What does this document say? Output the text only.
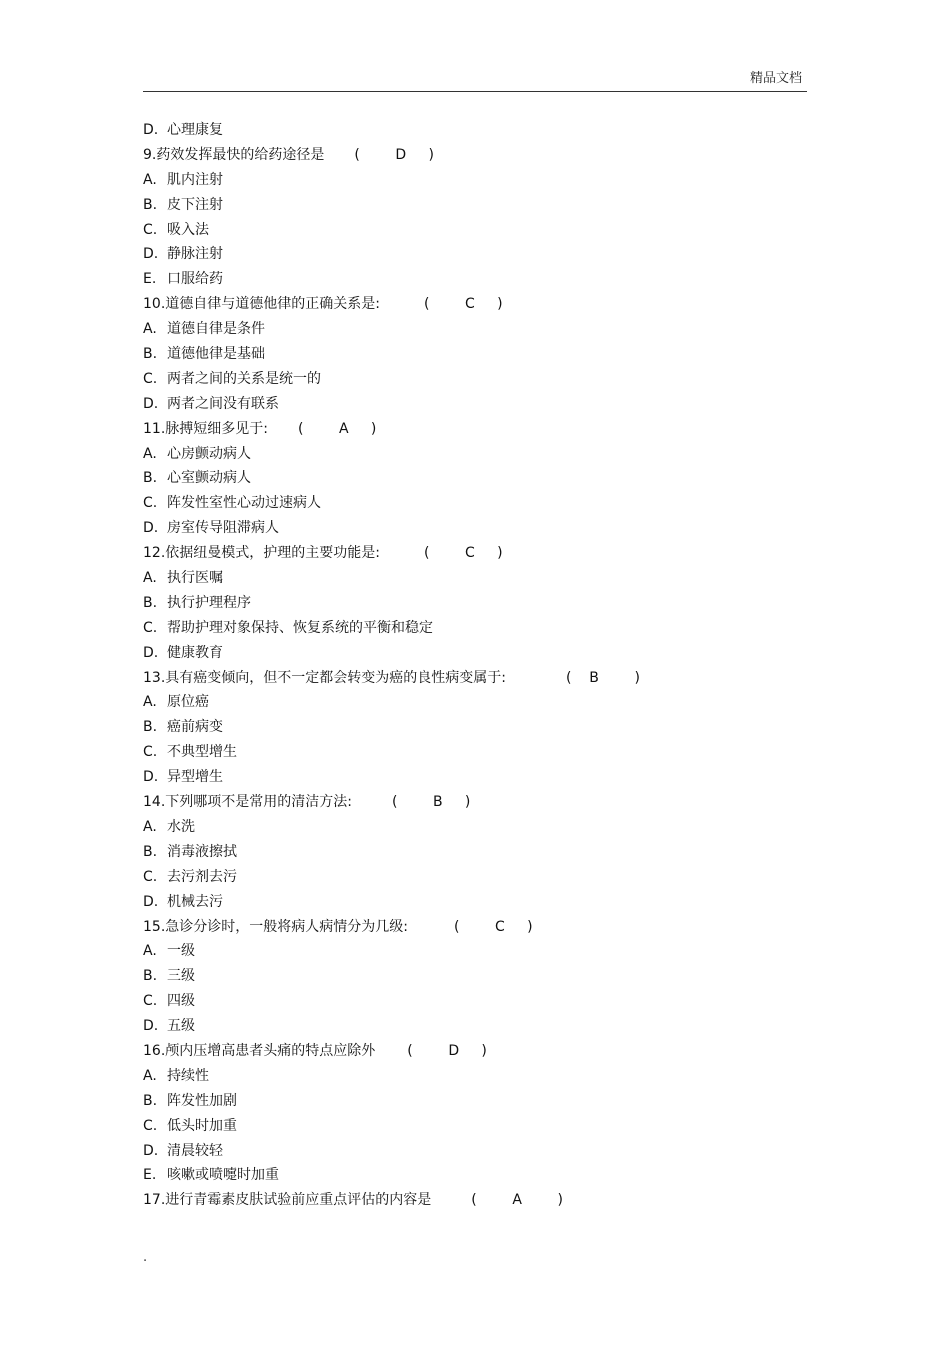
精品文档
D. 心理康复
9.药效发挥最快的给药途径是 (        D     )
A. 肌内注射
B. 皮下注射
C. 吸入法
D. 静脉注射
E. 口服给药
10.道德自律与道德他律的正确关系是:	(        C     )
A. 道德自律是条件
B. 道德他律是基础
C. 两者之间的关系是统一的
D. 两者之间没有联系
11.脉搏短细多见于: (        A     )
A. 心房颤动病人
B. 心室颤动病人
C. 阵发性室性心动过速病人
D. 房室传导阻滞病人
12.依据纽曼模式，护理的主要功能是:	(        C     )
A. 执行医嘱
B. 执行护理程序
C. 帮助护理对象保持、恢复系统的平衡和稳定
D. 健康教育
13.具有癌变倾向，但不一定都会转变为癌的良性病变属于:	(    B        )
A. 原位癌
B. 癌前病变
C. 不典型增生
D. 异型增生
14.下列哪项不是常用的清洁方法:	(        B     )
A. 水洗
B. 消毒液擦拭
C. 去污剂去污
D. 机械去污
15.急诊分诊时，一般将病人病情分为几级:	(        C     )
A. 一级
B. 三级
C. 四级
D. 五级
16.颅内压增高患者头痛的特点应除外 (        D     )
A. 持续性
B. 阵发性加剧
C. 低头时加重
D. 清晨较轻
E. 咳嗽或喷嚏时加重
17.进行青霉素皮肤试验前应重点评估的内容是	(        A        )
.
